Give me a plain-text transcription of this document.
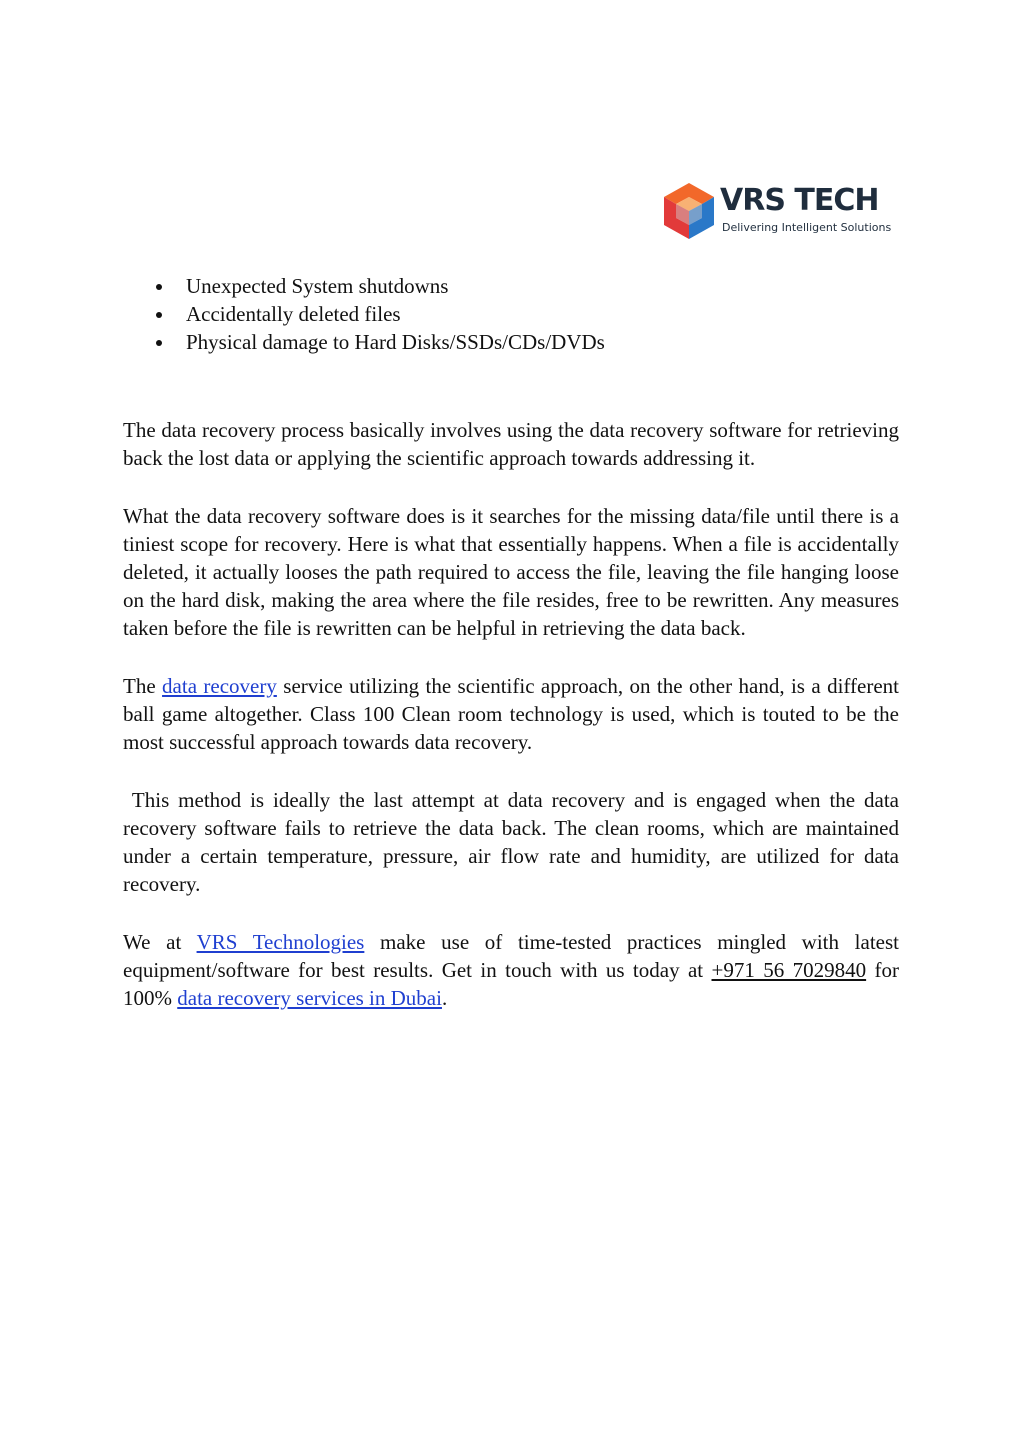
VRS TECH
Delivering Intelligent Solutions
Unexpected System shutdowns
Accidentally deleted files
Physical damage to Hard Disks/SSDs/CDs/DVDs

The data recovery process basically involves using the data recovery software for retrieving back the lost data or applying the scientific approach towards addressing it.

What the data recovery software does is it searches for the missing data/file until there is a tiniest scope for recovery. Here is what that essentially happens. When a file is accidentally deleted, it actually looses the path required to access the file, leaving the file hanging loose on the hard disk, making the area where the file resides, free to be rewritten. Any measures taken before the file is rewritten can be helpful in retrieving the data back.

The data recovery service utilizing the scientific approach, on the other hand, is a different ball game altogether. Class 100 Clean room technology is used, which is touted to be the most successful approach towards data recovery.

This method is ideally the last attempt at data recovery and is engaged when the data recovery software fails to retrieve the data back. The clean rooms, which are maintained under a certain temperature, pressure, air flow rate and humidity, are utilized for data recovery.

We at VRS Technologies make use of time-tested practices mingled with latest equipment/software for best results. Get in touch with us today at +971 56 7029840 for 100% data recovery services in Dubai.
